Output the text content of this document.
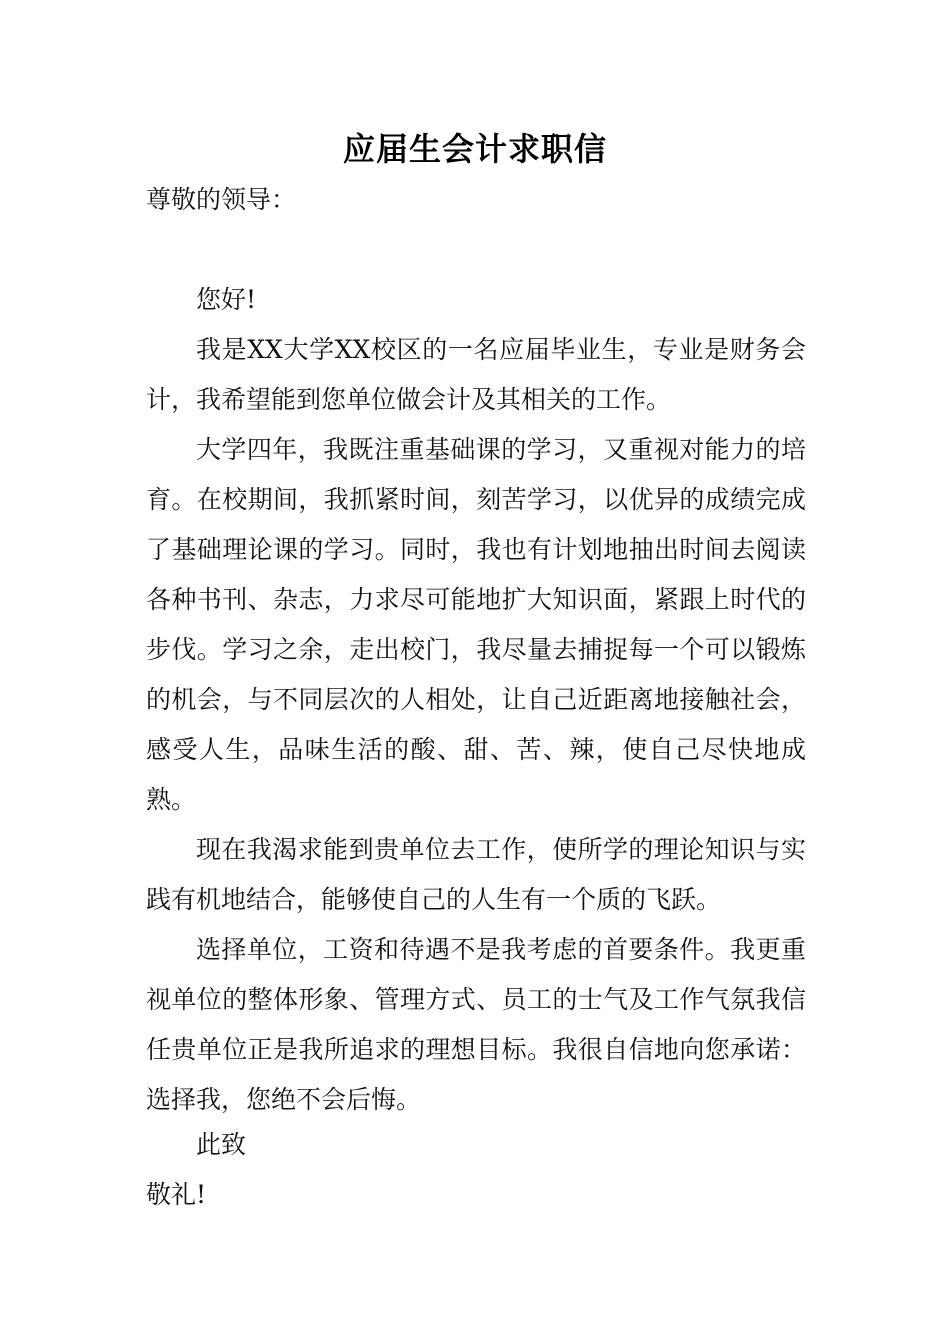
应届生会计求职信
尊敬的领导：

您好!

我是XX大学XX校区的一名应届毕业生，专业是财务会计，我希望能到您单位做会计及其相关的工作。

大学四年，我既注重基础课的学习，又重视对能力的培育。在校期间，我抓紧时间，刻苦学习，以优异的成绩完成了基础理论课的学习。同时，我也有计划地抽出时间去阅读各种书刊、杂志，力求尽可能地扩大知识面，紧跟上时代的步伐。学习之余，走出校门，我尽量去捕捉每一个可以锻炼的机会，与不同层次的人相处，让自己近距离地接触社会，感受人生，品味生活的酸、甜、苦、辣，使自己尽快地成熟。

现在我渴求能到贵单位去工作，使所学的理论知识与实践有机地结合，能够使自己的人生有一个质的飞跃。

选择单位，工资和待遇不是我考虑的首要条件。我更重视单位的整体形象、管理方式、员工的士气及工作气氛我信任贵单位正是我所追求的理想目标。我很自信地向您承诺：选择我，您绝不会后悔。

此致
敬礼!
